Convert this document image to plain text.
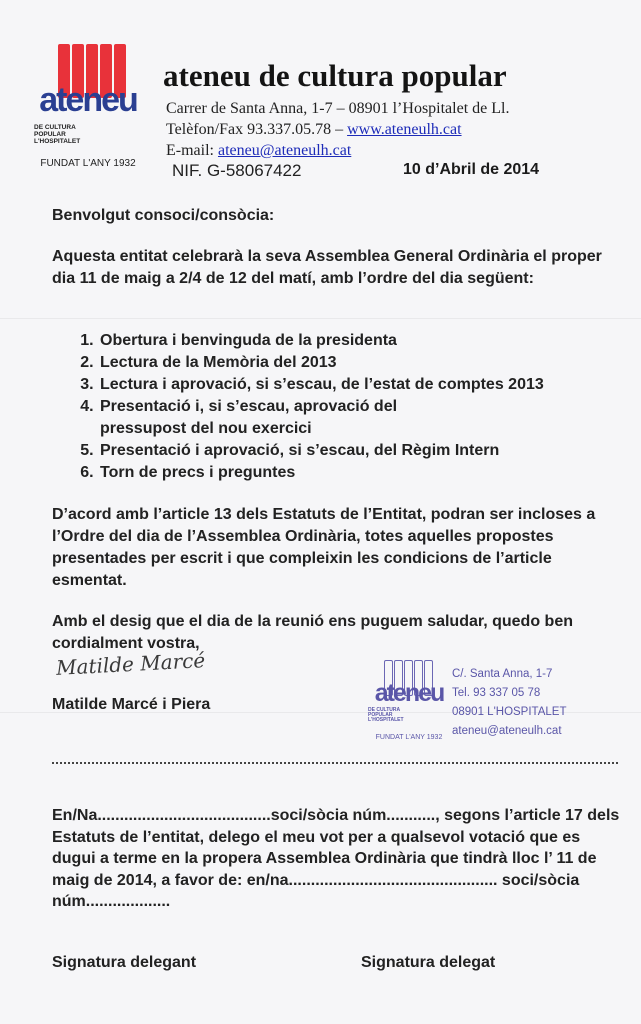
ateneu
DE CULTURA
POPULAR
L'HOSPITALET
FUNDAT L'ANY 1932
ateneu de cultura popular
Carrer de Santa Anna, 1-7 – 08901 l’Hospitalet de Ll.
Telèfon/Fax 93.337.05.78 – www.ateneulh.cat
E-mail: ateneu@ateneulh.cat
NIF. G-58067422	10 d’Abril de 2014
Benvolgut consoci/consòcia:
Aquesta entitat celebrarà la seva Assemblea General Ordinària el proper dia 11 de maig a 2/4 de 12 del matí, amb l’ordre del dia següent:
1. Obertura i benvinguda de la presidenta
2. Lectura de la Memòria del 2013
3. Lectura i aprovació, si s’escau, de l’estat de comptes 2013
4. Presentació i, si s’escau, aprovació del pressupost del nou exercici
5. Presentació i aprovació, si s’escau, del Règim Intern
6. Torn de precs i preguntes
D’acord amb l’article 13 dels Estatuts de l’Entitat, podran ser incloses a l’Ordre del dia de l’Assemblea Ordinària, totes aquelles propostes presentades per escrit i que compleixin les condicions de l’article esmentat.
Amb el desig que el dia de la reunió ens puguem saludar, quedo ben cordialment vostra,
Matilde Marcé
Matilde Marcé i Piera	ateneu
DE CULTURA
POPULAR
L'HOSPITALET
FUNDAT L'ANY 1932
C/. Santa Anna, 1-7
Tel. 93 337 05 78
08901 L'HOSPITALET
ateneu@ateneulh.cat
En/Na.......................................soci/sòcia núm..........., segons l’article 17 dels Estatuts de l’entitat, delego el meu vot per a qualsevol votació que es dugui a terme en la propera Assemblea Ordinària que tindrà lloc l’ 11 de maig de 2014, a favor de: en/na............................................... soci/sòcia núm...................
Signatura delegant	Signatura delegat
